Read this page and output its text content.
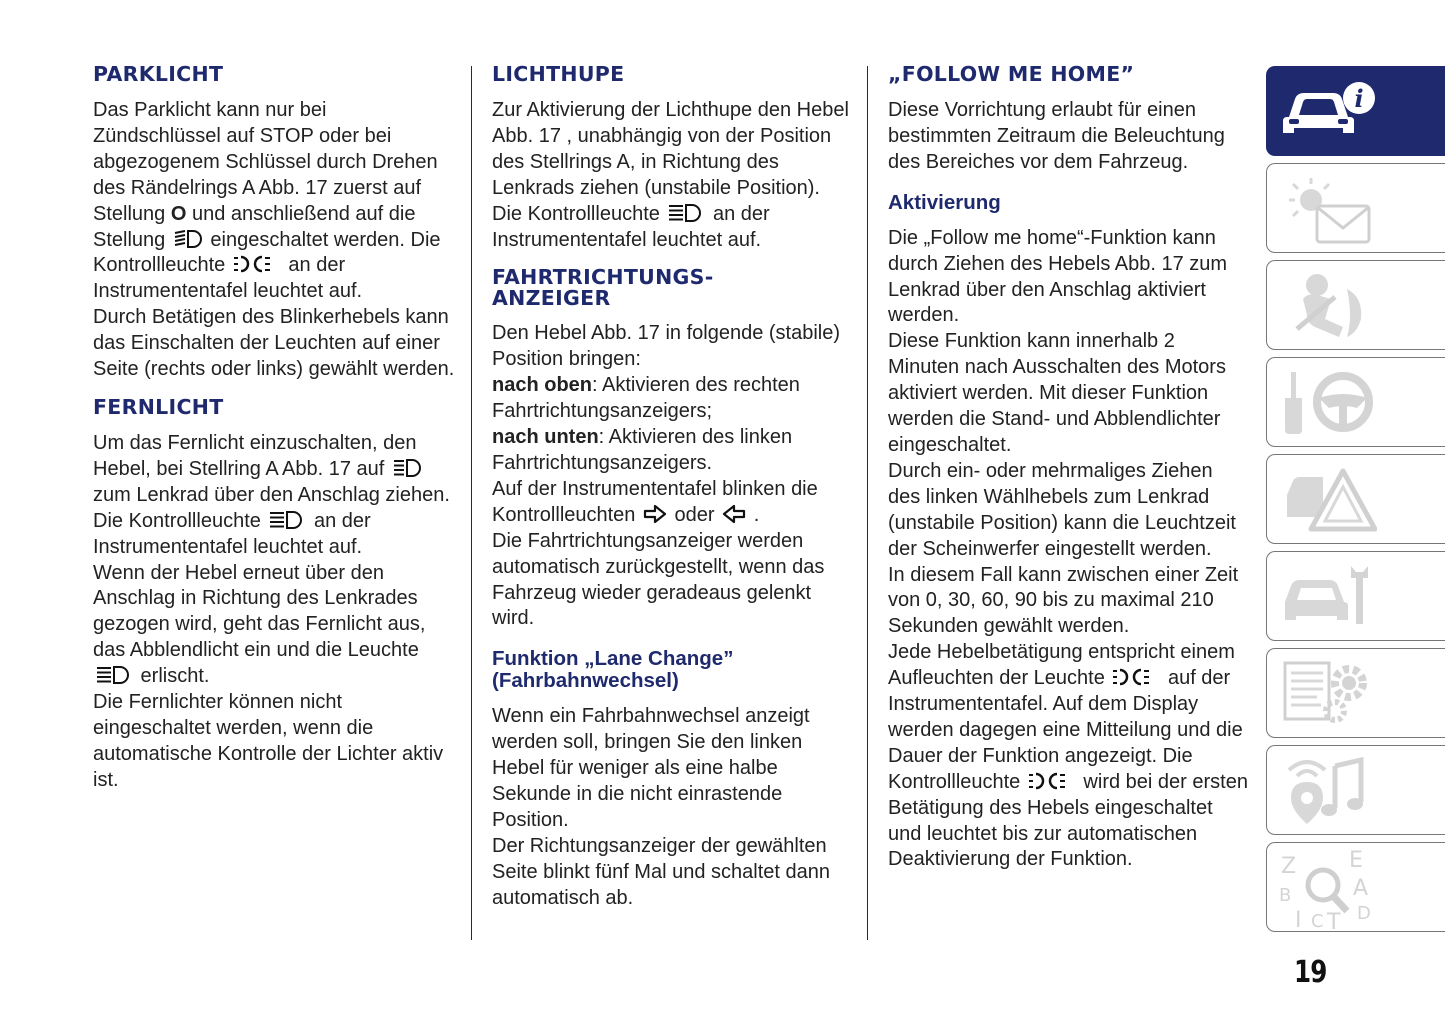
PARKLICHT

Das Parklicht kann nur bei Zündschlüssel auf STOP oder bei abgezogenem Schlüssel durch Drehen des Rändelrings A Abb. 17 zuerst auf Stellung O und anschließend auf die Stellung  eingeschaltet werden. Die Kontrollleuchte	an der Instrumententafel leuchtet auf.

Durch Betätigen des Blinkerhebels kann das Einschalten der Leuchten auf einer Seite (rechts oder links) gewählt werden.

FERNLICHT

Um das Fernlicht einzuschalten, den Hebel, bei Stellring A Abb. 17 auf  zum Lenkrad über den Anschlag ziehen. Die Kontrollleuchte  an der Instrumententafel leuchtet auf.

Wenn der Hebel erneut über den Anschlag in Richtung des Lenkrades gezogen wird, geht das Fernlicht aus, das Abblendlicht ein und die Leuchte  erlischt.

Die Fernlichter können nicht eingeschaltet werden, wenn die automatische Kontrolle der Lichter aktiv ist.

LICHTHUPE

Zur Aktivierung der Lichthupe den Hebel Abb. 17 , unabhängig von der Position des Stellrings A, in Richtung des Lenkrads ziehen (unstabile Position).

Die Kontrollleuchte  an der Instrumententafel leuchtet auf.

FAHRTRICHTUNGS-
ANZEIGER

Den Hebel Abb. 17 in folgende (stabile) Position bringen:

nach oben: Aktivieren des rechten Fahrtrichtungsanzeigers;

nach unten: Aktivieren des linken Fahrtrichtungsanzeigers.

Auf der Instrumententafel blinken die Kontrollleuchten  oder  .

Die Fahrtrichtungsanzeiger werden automatisch zurückgestellt, wenn das Fahrzeug wieder geradeaus gelenkt wird.

Funktion „Lane Change”
(Fahrbahnwechsel)

Wenn ein Fahrbahnwechsel anzeigt werden soll, bringen Sie den linken Hebel für weniger als eine halbe Sekunde in die nicht einrastende Position.

Der Richtungsanzeiger der gewählten Seite blinkt fünf Mal und schaltet dann automatisch ab.

„FOLLOW ME HOME”

Diese Vorrichtung erlaubt für einen bestimmten Zeitraum die Beleuchtung des Bereiches vor dem Fahrzeug.

Aktivierung

Die „Follow me home“-Funktion kann durch Ziehen des Hebels Abb. 17 zum Lenkrad über den Anschlag aktiviert werden.

Diese Funktion kann innerhalb 2 Minuten nach Ausschalten des Motors aktiviert werden. Mit dieser Funktion werden die Stand- und Abblendlichter eingeschaltet.

Durch ein- oder mehrmaliges Ziehen des linken Wählhebels zum Lenkrad (unstabile Position) kann die Leuchtzeit der Scheinwerfer eingestellt werden.

In diesem Fall kann zwischen einer Zeit von 0, 30, 60, 90 bis zu maximal 210 Sekunden gewählt werden.

Jede Hebelbetätigung entspricht einem Aufleuchten der Leuchte	auf der Instrumententafel. Auf dem Display werden dagegen eine Mitteilung und die Dauer der Funktion angezeigt. Die Kontrollleuchte	wird bei der ersten Betätigung des Hebels eingeschaltet und leuchtet bis zur automatischen Deaktivierung der Funktion.

i
Z E
B	A
I C T D
19
